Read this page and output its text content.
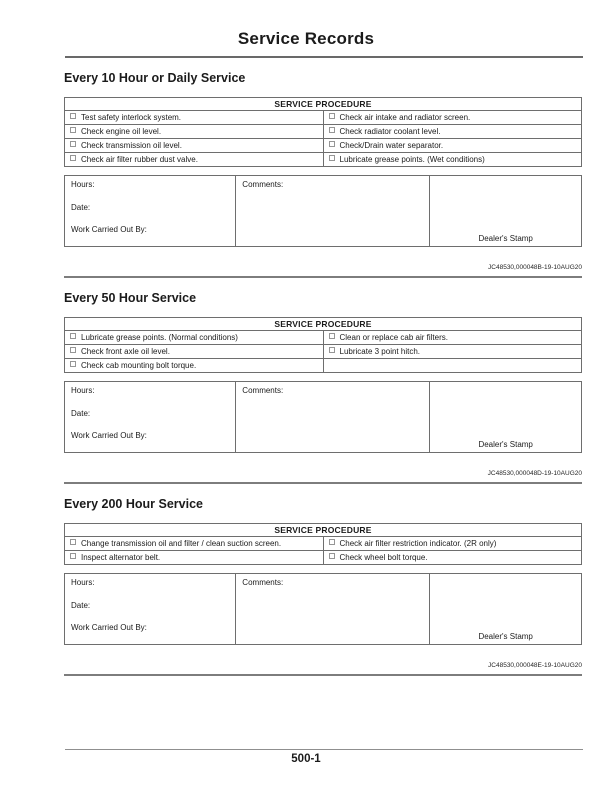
Service Records
Every 10 Hour or Daily Service
SERVICE PROCEDURE	
Test safety interlock system.	Check air intake and radiator screen.
Check engine oil level.	Check radiator coolant level.
Check transmission oil level.	Check/Drain water separator.
Check air filter rubber dust valve.	Lubricate grease points. (Wet conditions)
Hours:
Date:
Work Carried Out By:
Comments:
Dealer's Stamp
JC48530,000048B-19-10AUG20
Every 50 Hour Service
SERVICE PROCEDURE	
Lubricate grease points. (Normal conditions)	Clean or replace cab air filters.
Check front axle oil level.	Lubricate 3 point hitch.
Check cab mounting bolt torque.	
Hours:
Date:
Work Carried Out By:
Comments:
Dealer's Stamp
JC48530,000048D-19-10AUG20
Every 200 Hour Service
SERVICE PROCEDURE	
Change transmission oil and filter / clean suction screen.	Check air filter restriction indicator. (2R only)
Inspect alternator belt.	Check wheel bolt torque.
Hours:
Date:
Work Carried Out By:
Comments:
Dealer's Stamp
JC48530,000048E-19-10AUG20
500-1
